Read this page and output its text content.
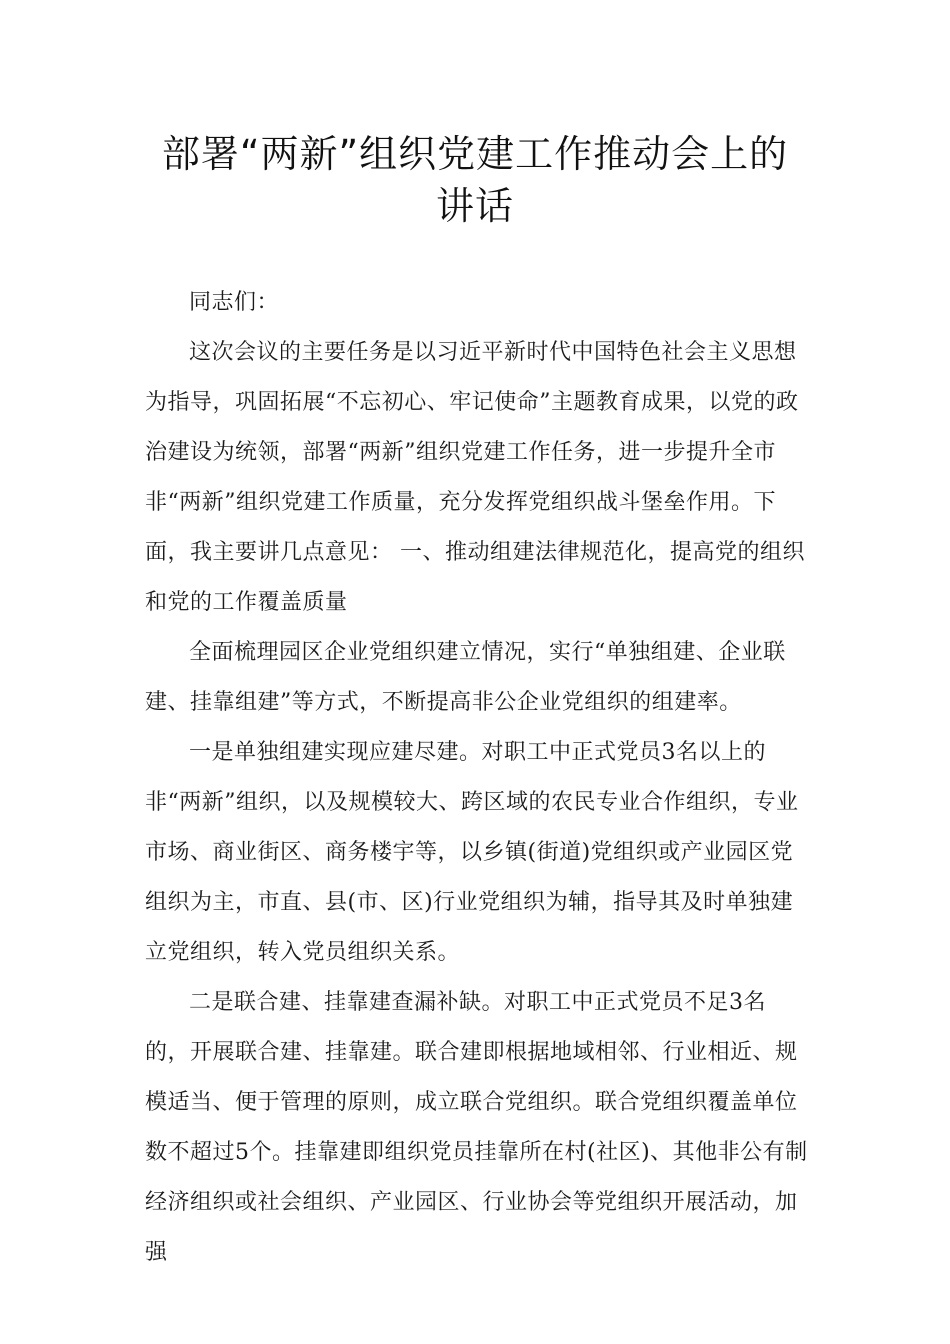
部署“两新”组织党建工作推动会上的
讲话

同志们：

这次会议的主要任务是以习近平新时代中国特色社会主义思想为指导，巩固拓展“不忘初心、牢记使命”主题教育成果，以党的政治建设为统领，部署“两新”组织党建工作任务，进一步提升全市非“两新”组织党建工作质量，充分发挥党组织战斗堡垒作用。下面，我主要讲几点意见： 一、推动组建法律规范化，提高党的组织和党的工作覆盖质量

全面梳理园区企业党组织建立情况，实行“单独组建、企业联建、挂靠组建”等方式，不断提高非公企业党组织的组建率。

一是单独组建实现应建尽建。对职工中正式党员3名以上的非“两新”组织，以及规模较大、跨区域的农民专业合作组织，专业市场、商业街区、商务楼宇等，以乡镇(街道)党组织或产业园区党组织为主，市直、县(市、区)行业党组织为辅，指导其及时单独建立党组织，转入党员组织关系。

二是联合建、挂靠建查漏补缺。对职工中正式党员不足3名的，开展联合建、挂靠建。联合建即根据地域相邻、行业相近、规模适当、便于管理的原则，成立联合党组织。联合党组织覆盖单位数不超过5个。挂靠建即组织党员挂靠所在村(社区)、其他非公有制经济组织或社会组织、产业园区、行业协会等党组织开展活动，加强
